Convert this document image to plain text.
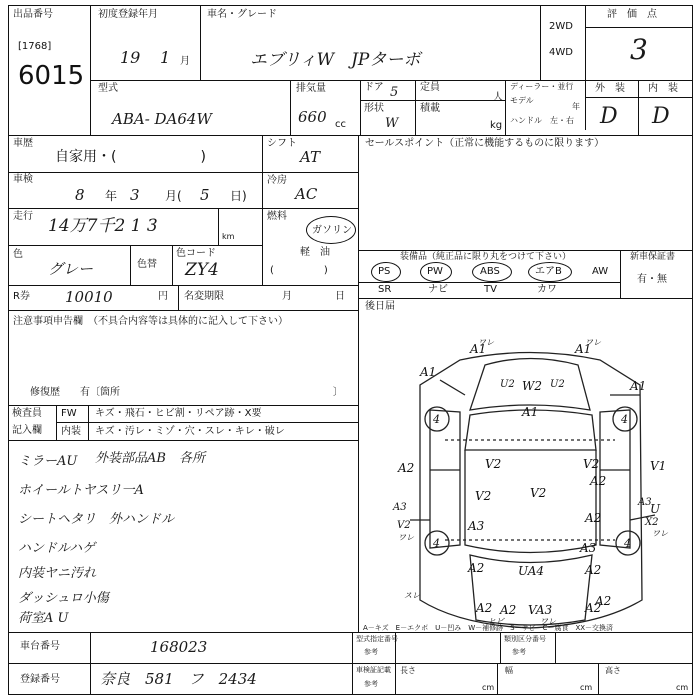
出品番号
[1768]
6015
初度登録年月
19 1 月
車名・グレード
エブリィW　JPターボ
2WD
4WD
評　価　点
3
型式
ABA- DA64W
排気量
660 cc
ドア 5
形状
W
定員
人
積載
kg
ディーラー・並行
モデル
年
ハンドル　左・右
外　装 内　装
D D
車歴
自家用・(　　　　　　)
車検
8 年 3 月( 5 日)
走行 14万7千2 1 3
km
色
グレー	色替
色コード
ZY4
R券 10010	円 名変期限	月	日
注意事項申告欄　（不具合内容等は具体的に記入して下さい）
修復歴　　有〔箇所	〕
シフト
AT
冷房
AC
燃料
ガソリン
軽　油
(　　　　　)
セールスポイント（正常に機能するものに限ります）
装備品（純正品に限り丸をつけて下さい）	新車保証書
有・無
PS	PW	ABS	エアB	AW
SR	ナビ	TV	カワ
後日届
検査員
記入欄
FW キズ・飛石・ヒビ割・リペア跡・X要
内装 キズ・汚レ・ミゾ・穴・スレ・キレ・破レ
ミラーAU 外装部品AB　各所
ホイールトヤスリ一A
シートヘタリ　外ハンドル
ハンドルハゲ
内装ヤニ汚れ
ダッシュロ小傷
荷室A U
A1
A1
A1	A1
W2
A1
V2
V2
V1
V2
V2
A2
A2
A2
A3
A3
A2	A2
UA4
A2	A2
V2
U
A3
X2
A3
VA3
A2
A2
U2	U2
4	4
4	4
スレ
ヒビ
ワレ	ワレ
ワレ	ワレ
ワレ
A－キズ　E－エクボ　U－凹み　W－補修跡　S－サビ　C－腐食　XX－交換済
車台番号	168023
登録番号	奈良　581　フ　2434
型式指定番号
参考
類別区分番号
参考
車検証記載
参考
長さ
cm
幅
cm
高さ
cm
